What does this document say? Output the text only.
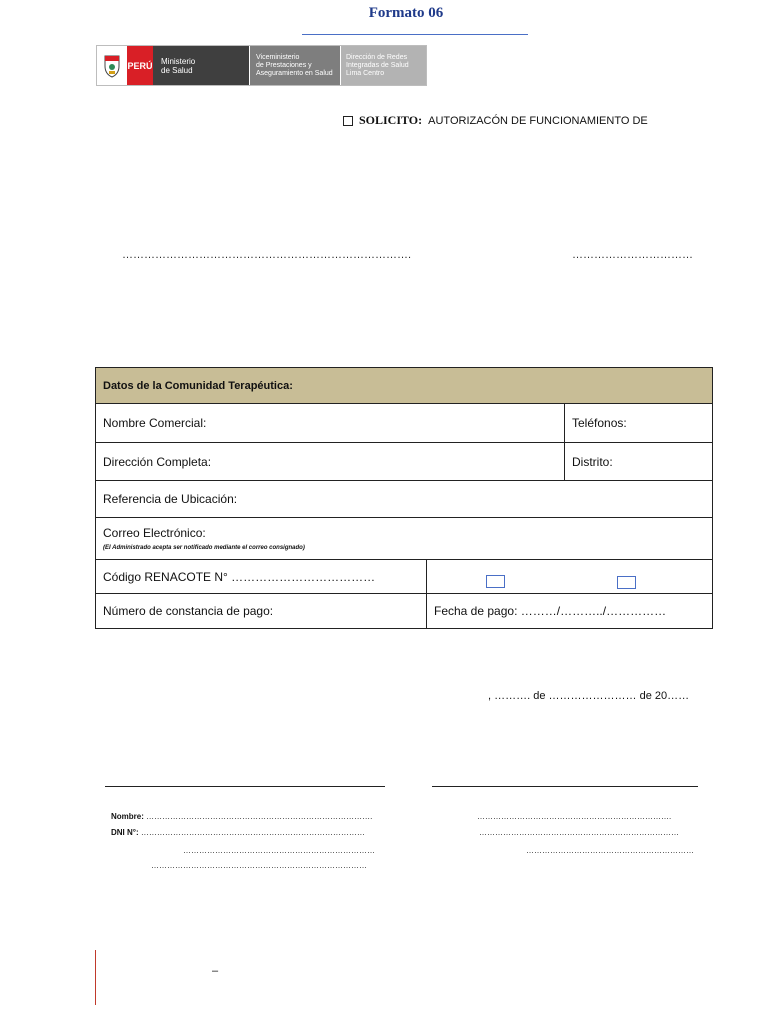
Formato 06
PERÚ	Ministerio
de Salud
Viceministerio
de Prestaciones y
Aseguramiento en Salud
Dirección de Redes
Integradas de Salud
Lima Centro
SOLICITO: AUTORIZACÓN DE FUNCIONAMIENTO DE
…………………………………………………………………….	……………………………
Datos de la Comunidad Terapéutica:
Nombre Comercial:	Teléfonos:
Dirección Completa:	Distrito:
Referencia de Ubicación:
Correo Electrónico:
(El Administrado acepta ser notificado mediante el correo consignado)
Código RENACOTE N° ………………………………
Número de constancia de pago:	Fecha de pago: ………/………../……………
, ………. de …………………… de 20……
Nombre: ………………………………………………………………………….
DNI N°: …………………………………………………………………………
………………………………………………………………
………………………………………………………………………
……………………………………………………………….
…………………………………………………………………
………………………………………………………
–
